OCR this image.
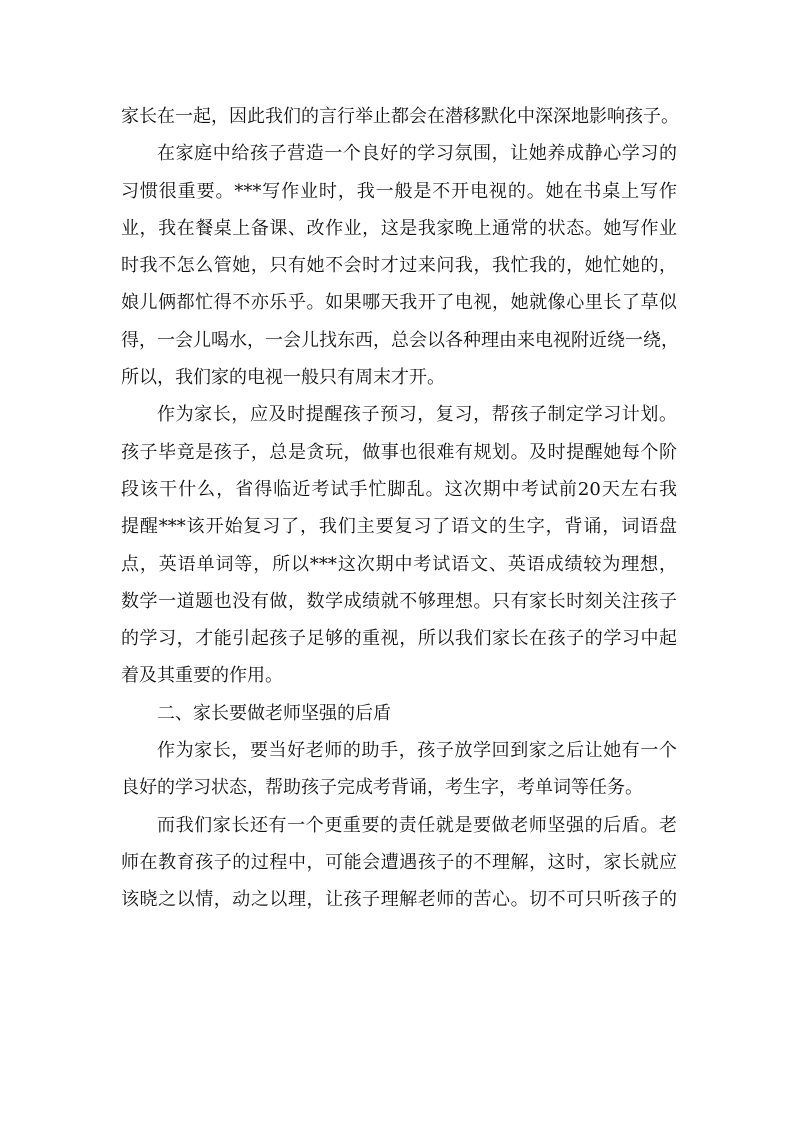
家长在一起，因此我们的言行举止都会在潜移默化中深深地影响孩子。
在家庭中给孩子营造一个良好的学习氛围，让她养成静心学习的
习惯很重要。***写作业时，我一般是不开电视的。她在书桌上写作
业，我在餐桌上备课、改作业，这是我家晚上通常的状态。她写作业
时我不怎么管她，只有她不会时才过来问我，我忙我的，她忙她的，
娘儿俩都忙得不亦乐乎。如果哪天我开了电视，她就像心里长了草似
得，一会儿喝水，一会儿找东西，总会以各种理由来电视附近绕一绕，
所以，我们家的电视一般只有周末才开。
作为家长，应及时提醒孩子预习，复习，帮孩子制定学习计划。
孩子毕竟是孩子，总是贪玩，做事也很难有规划。及时提醒她每个阶
段该干什么，省得临近考试手忙脚乱。这次期中考试前20天左右我
提醒***该开始复习了，我们主要复习了语文的生字，背诵，词语盘
点，英语单词等，所以***这次期中考试语文、英语成绩较为理想，
数学一道题也没有做，数学成绩就不够理想。只有家长时刻关注孩子
的学习，才能引起孩子足够的重视，所以我们家长在孩子的学习中起
着及其重要的作用。
二、家长要做老师坚强的后盾
作为家长，要当好老师的助手，孩子放学回到家之后让她有一个
良好的学习状态，帮助孩子完成考背诵，考生字，考单词等任务。
而我们家长还有一个更重要的责任就是要做老师坚强的后盾。老
师在教育孩子的过程中，可能会遭遇孩子的不理解，这时，家长就应
该晓之以情，动之以理，让孩子理解老师的苦心。切不可只听孩子的
